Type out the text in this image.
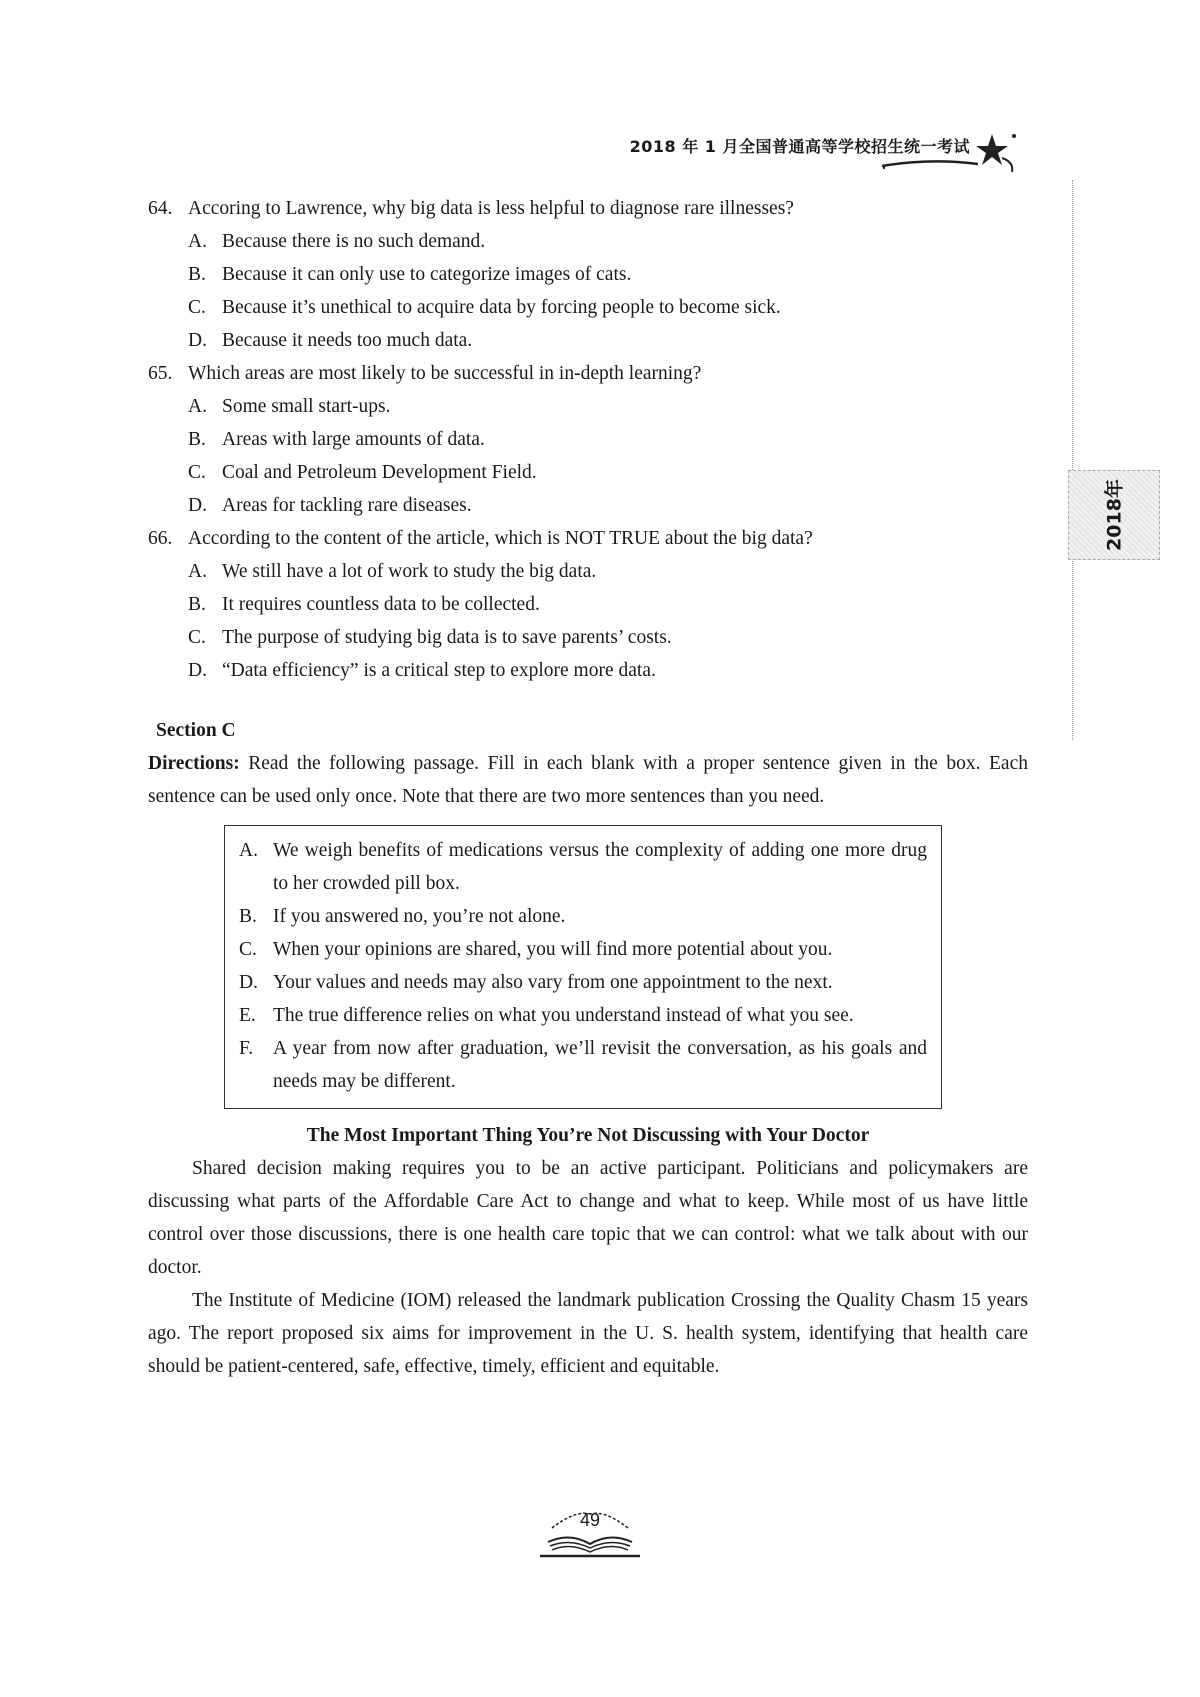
2018 年 1 月全国普通高等学校招生统一考试
2018年

64. Accoring to Lawrence, why big data is less helpful to diagnose rare illnesses?

A. Because there is no such demand.

B. Because it can only use to categorize images of cats.

C. Because it’s unethical to acquire data by forcing people to become sick.

D. Because it needs too much data.

65. Which areas are most likely to be successful in in-depth learning?

A. Some small start-ups.

B. Areas with large amounts of data.

C. Coal and Petroleum Development Field.

D. Areas for tackling rare diseases.

66. According to the content of the article, which is NOT TRUE about the big data?

A. We still have a lot of work to study the big data.

B. It requires countless data to be collected.

C. The purpose of studying big data is to save parents’ costs.

D. “Data efficiency” is a critical step to explore more data.

Section C

Directions: Read the following passage. Fill in each blank with a proper sentence given in the box. Each sentence can be used only once. Note that there are two more sentences than you need.

A. We weigh benefits of medications versus the complexity of adding one more drug to her crowded pill box.
B. If you answered no, you’re not alone.
C. When your opinions are shared, you will find more potential about you.
D. Your values and needs may also vary from one appointment to the next.
E. The true difference relies on what you understand instead of what you see.
F.	A year from now after graduation, we’ll revisit the conversation, as his goals and needs may be different.

The Most Important Thing You’re Not Discussing with Your Doctor

Shared decision making requires you to be an active participant. Politicians and policymakers are discussing what parts of the Affordable Care Act to change and what to keep. While most of us have little control over those discussions, there is one health care topic that we can control: what we talk about with our doctor.

The Institute of Medicine (IOM) released the landmark publication Crossing the Quality Chasm 15 years ago. The report proposed six aims for improvement in the U. S. health system, identifying that health care should be patient-centered, safe, effective, timely, efficient and equitable.

49
